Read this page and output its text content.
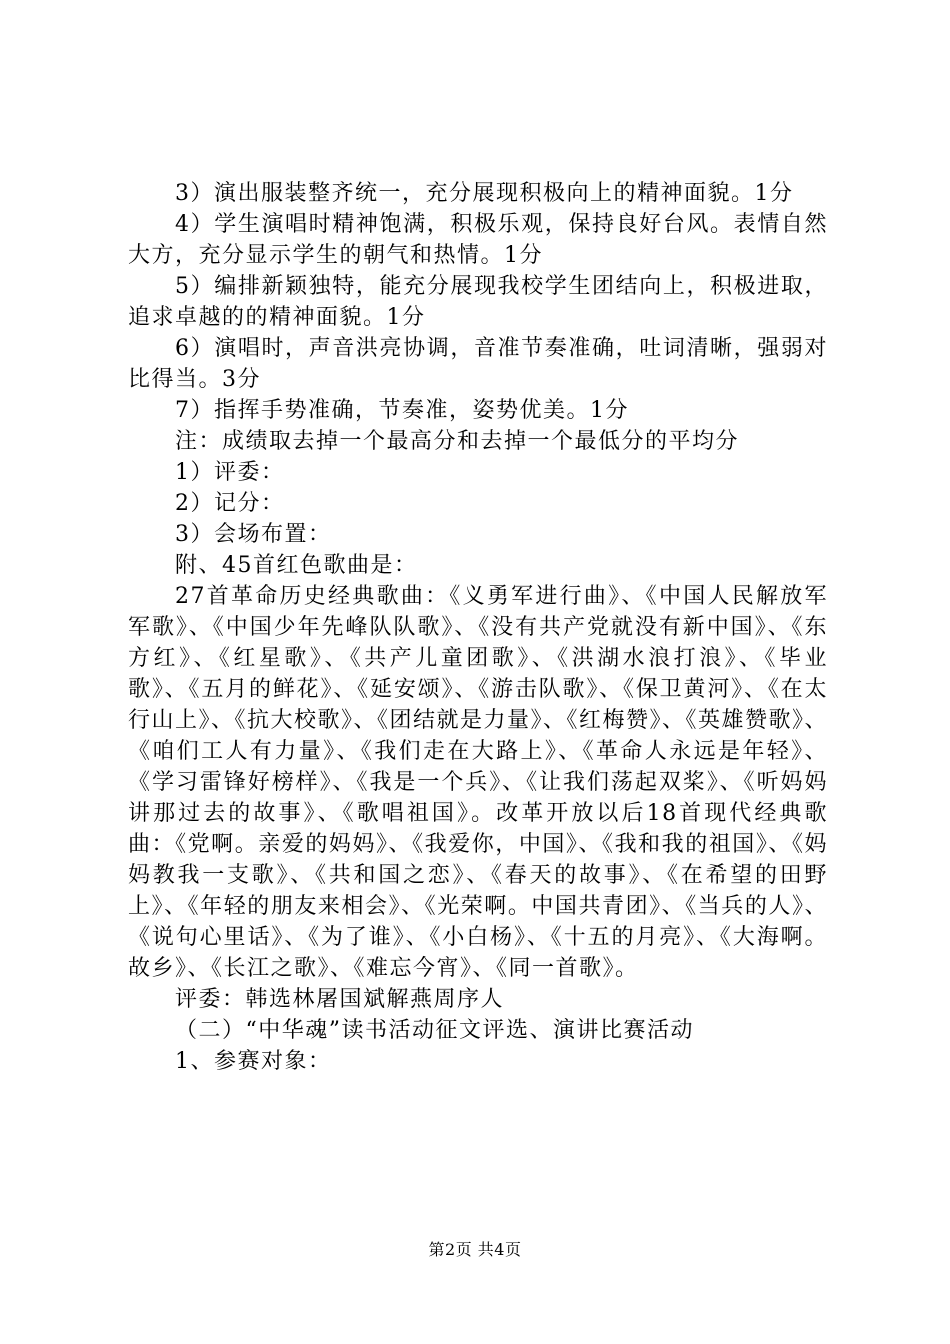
3）演出服装整齐统一，充分展现积极向上的精神面貌。1分

4）学生演唱时精神饱满，积极乐观，保持良好台风。表情自然大方，充分显示学生的朝气和热情。1分

5）编排新颖独特，能充分展现我校学生团结向上，积极进取，追求卓越的的精神面貌。1分

6）演唱时，声音洪亮协调，音准节奏准确，吐词清晰，强弱对比得当。3分

7）指挥手势准确，节奏准，姿势优美。1分

注：成绩取去掉一个最高分和去掉一个最低分的平均分

1）评委：

2）记分：

3）会场布置：

附、45首红色歌曲是：

27首革命历史经典歌曲：《义勇军进行曲》、《中国人民解放军军歌》、《中国少年先峰队队歌》、《没有共产党就没有新中国》、《东方红》、《红星歌》、《共产儿童团歌》、《洪湖水浪打浪》、《毕业歌》、《五月的鲜花》、《延安颂》、《游击队歌》、《保卫黄河》、《在太行山上》、《抗大校歌》、《团结就是力量》、《红梅赞》、《英雄赞歌》、《咱们工人有力量》、《我们走在大路上》、《革命人永远是年轻》、《学习雷锋好榜样》、《我是一个兵》、《让我们荡起双桨》、《听妈妈讲那过去的故事》、《歌唱祖国》。改革开放以后18首现代经典歌曲：《党啊。亲爱的妈妈》、《我爱你，中国》、《我和我的祖国》、《妈妈教我一支歌》、《共和国之恋》、《春天的故事》、《在希望的田野上》、《年轻的朋友来相会》、《光荣啊。中国共青团》、《当兵的人》、《说句心里话》、《为了谁》、《小白杨》、《十五的月亮》、《大海啊。故乡》、《长江之歌》、《难忘今宵》、《同一首歌》。

评委：韩选林屠国斌解燕周序人

（二）“中华魂”读书活动征文评选、演讲比赛活动

1、参赛对象：

第2页 共4页
